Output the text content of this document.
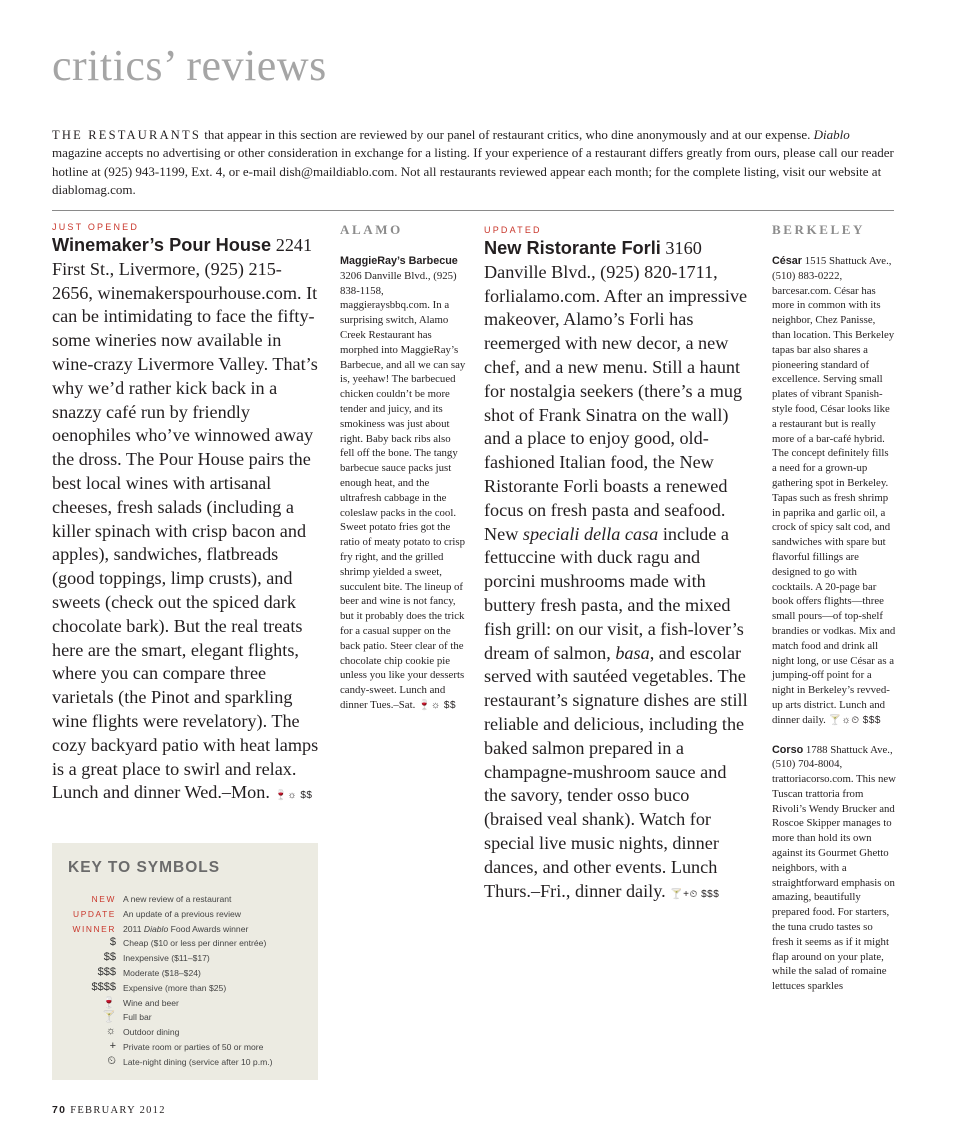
critics’ reviews
THE RESTAURANTS that appear in this section are reviewed by our panel of restaurant critics, who dine anonymously and at our expense. Diablo magazine accepts no advertising or other consideration in exchange for a listing. If your experience of a restaurant differs greatly from ours, please call our reader hotline at (925) 943-1199, Ext. 4, or e-mail dish@maildiablo.com. Not all restaurants reviewed appear each month; for the complete listing, visit our website at diablomag.com.
JUST OPENED
Winemaker’s Pour House 2241 First St., Livermore, (925) 215-2656, winemakerspourhouse.com. It can be intimidating to face the fifty-some wineries now available in wine-crazy Livermore Valley. That’s why we’d rather kick back in a snazzy café run by friendly oenophiles who’ve winnowed away the dross. The Pour House pairs the best local wines with artisanal cheeses, fresh salads (including a killer spinach with crisp bacon and apples), sandwiches, flatbreads (good toppings, limp crusts), and sweets (check out the spiced dark chocolate bark). But the real treats here are the smart, elegant flights, where you can compare three varietals (the Pinot and sparkling wine flights were revelatory). The cozy backyard patio with heat lamps is a great place to swirl and relax. Lunch and dinner Wed.–Mon. 🍷☼ $$
ALAMO
MaggieRay’s Barbecue 3206 Danville Blvd., (925) 838-1158, maggieraysbbq.com. In a surprising switch, Alamo Creek Restaurant has morphed into MaggieRay’s Barbecue, and all we can say is, yeehaw! The barbecued chicken couldn’t be more tender and juicy, and its smokiness was just about right. Baby back ribs also fell off the bone. The tangy barbecue sauce packs just enough heat, and the ultrafresh cabbage in the coleslaw packs in the cool. Sweet potato fries got the ratio of meaty potato to crisp fry right, and the grilled shrimp yielded a sweet, succulent bite. The lineup of beer and wine is not fancy, but it probably does the trick for a casual supper on the back patio. Steer clear of the chocolate chip cookie pie unless you like your desserts candy-sweet. Lunch and dinner Tues.–Sat. 🍷☼ $$
UPDATED
New Ristorante Forli 3160 Danville Blvd., (925) 820-1711, forlialamo.com. After an impressive makeover, Alamo’s Forli has reemerged with new decor, a new chef, and a new menu. Still a haunt for nostalgia seekers (there’s a mug shot of Frank Sinatra on the wall) and a place to enjoy good, old-fashioned Italian food, the New Ristorante Forli boasts a renewed focus on fresh pasta and seafood. New speciali della casa include a fettuccine with duck ragu and porcini mushrooms made with buttery fresh pasta, and the mixed fish grill: on our visit, a fish-lover’s dream of salmon, basa, and escolar served with sautéed vegetables. The restaurant’s signature dishes are still reliable and delicious, including the baked salmon prepared in a champagne-mushroom sauce and the savory, tender osso buco (braised veal shank). Watch for special live music nights, dinner dances, and other events. Lunch Thurs.–Fri., dinner daily. 🍸+⏲ $$$
BERKELEY
César 1515 Shattuck Ave., (510) 883-0222, barcesar.com. César has more in common with its neighbor, Chez Panisse, than location. This Berkeley tapas bar also shares a pioneering standard of excellence. Serving small plates of vibrant Spanish-style food, César looks like a restaurant but is really more of a bar-café hybrid. The concept definitely fills a need for a grown-up gathering spot in Berkeley. Tapas such as fresh shrimp in paprika and garlic oil, a crock of spicy salt cod, and sandwiches with spare but flavorful fillings are designed to go with cocktails. A 20-page bar book offers flights—three small pours—of top-shelf brandies or vodkas. Mix and match food and drink all night long, or use César as a jumping-off point for a night in Berkeley’s revved-up arts district. Lunch and dinner daily. 🍸☼⏲ $$$
Corso 1788 Shattuck Ave., (510) 704-8004, trattoriacorso.com. This new Tuscan trattoria from Rivoli’s Wendy Brucker and Roscoe Skipper manages to more than hold its own against its Gourmet Ghetto neighbors, with a straightforward emphasis on amazing, beautifully prepared food. For starters, the tuna crudo tastes so fresh it seems as if it might flap around on your plate, while the salad of romaine lettuces sparkles
KEY TO SYMBOLS
NEW A new review of a restaurant
UPDATE An update of a previous review
WINNER 2011 Diablo Food Awards winner
$ Cheap ($10 or less per dinner entrée)
$$ Inexpensive ($11–$17)
$$$ Moderate ($18–$24)
$$$$ Expensive (more than $25)
🍷 Wine and beer
🍸 Full bar
☼ Outdoor dining
+ Private room or parties of 50 or more
⏲ Late-night dining (service after 10 p.m.)
70 FEBRUARY 2012
